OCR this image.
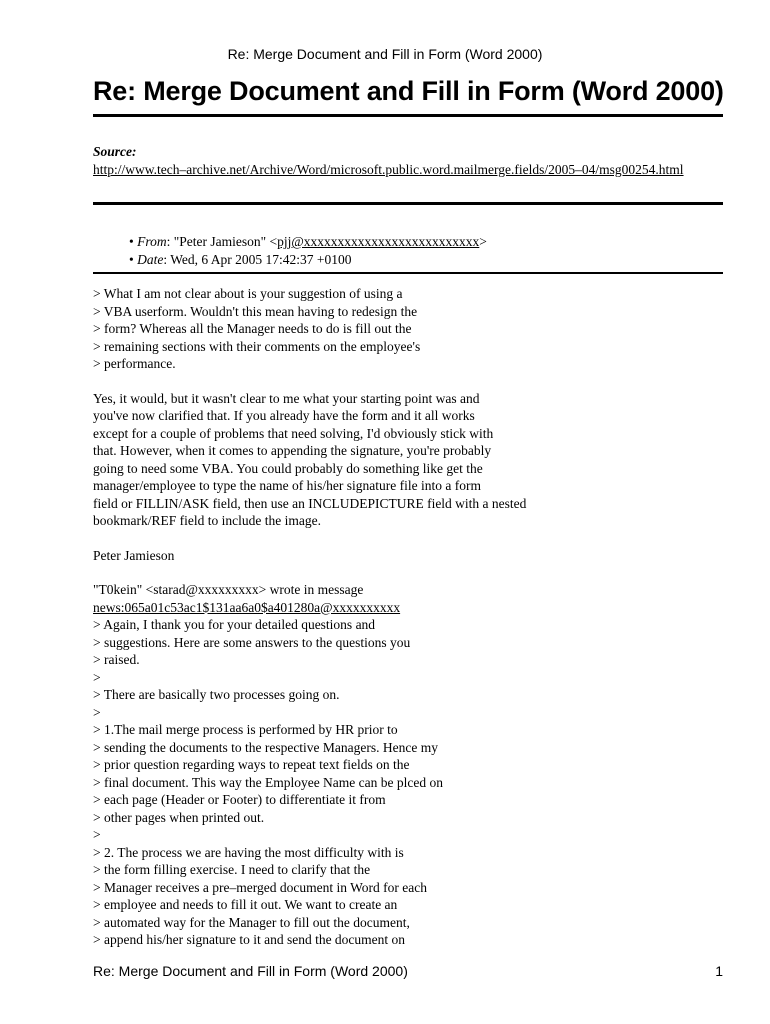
Re: Merge Document and Fill in Form (Word 2000)
Re: Merge Document and Fill in Form (Word 2000)
Source:
http://www.tech–archive.net/Archive/Word/microsoft.public.word.mailmerge.fields/2005–04/msg00254.html
• From: "Peter Jamieson" <pjj@xxxxxxxxxxxxxxxxxxxxxxxxxx>
• Date: Wed, 6 Apr 2005 17:42:37 +0100
> What I am not clear about is your suggestion of using a
> VBA userform. Wouldn't this mean having to redesign the
> form? Whereas all the Manager needs to do is fill out the
> remaining sections with their comments on the employee's
> performance.
Yes, it would, but it wasn't clear to me what your starting point was and
you've now clarified that. If you already have the form and it all works
except for a couple of problems that need solving, I'd obviously stick with
that. However, when it comes to appending the signature, you're probably
going to need some VBA. You could probably do something like get the
manager/employee to type the name of his/her signature file into a form
field or FILLIN/ASK field, then use an INCLUDEPICTURE field with a nested
bookmark/REF field to include the image.
Peter Jamieson
"T0kein" <starad@xxxxxxxxx> wrote in message
news:065a01c53ac1$131aa6a0$a401280a@xxxxxxxxxx
> Again, I thank you for your detailed questions and
> suggestions. Here are some answers to the questions you
> raised.
>
> There are basically two processes going on.
>
> 1.The mail merge process is performed by HR prior to
> sending the documents to the respective Managers. Hence my
> prior question regarding ways to repeat text fields on the
> final document. This way the Employee Name can be plced on
> each page (Header or Footer) to differentiate it from
> other pages when printed out.
>
> 2. The process we are having the most difficulty with is
> the form filling exercise. I need to clarify that the
> Manager receives a pre–merged document in Word for each
> employee and needs to fill it out. We want to create an
> automated way for the Manager to fill out the document,
> append his/her signature to it and send the document on
Re: Merge Document and Fill in Form (Word 2000)	1
